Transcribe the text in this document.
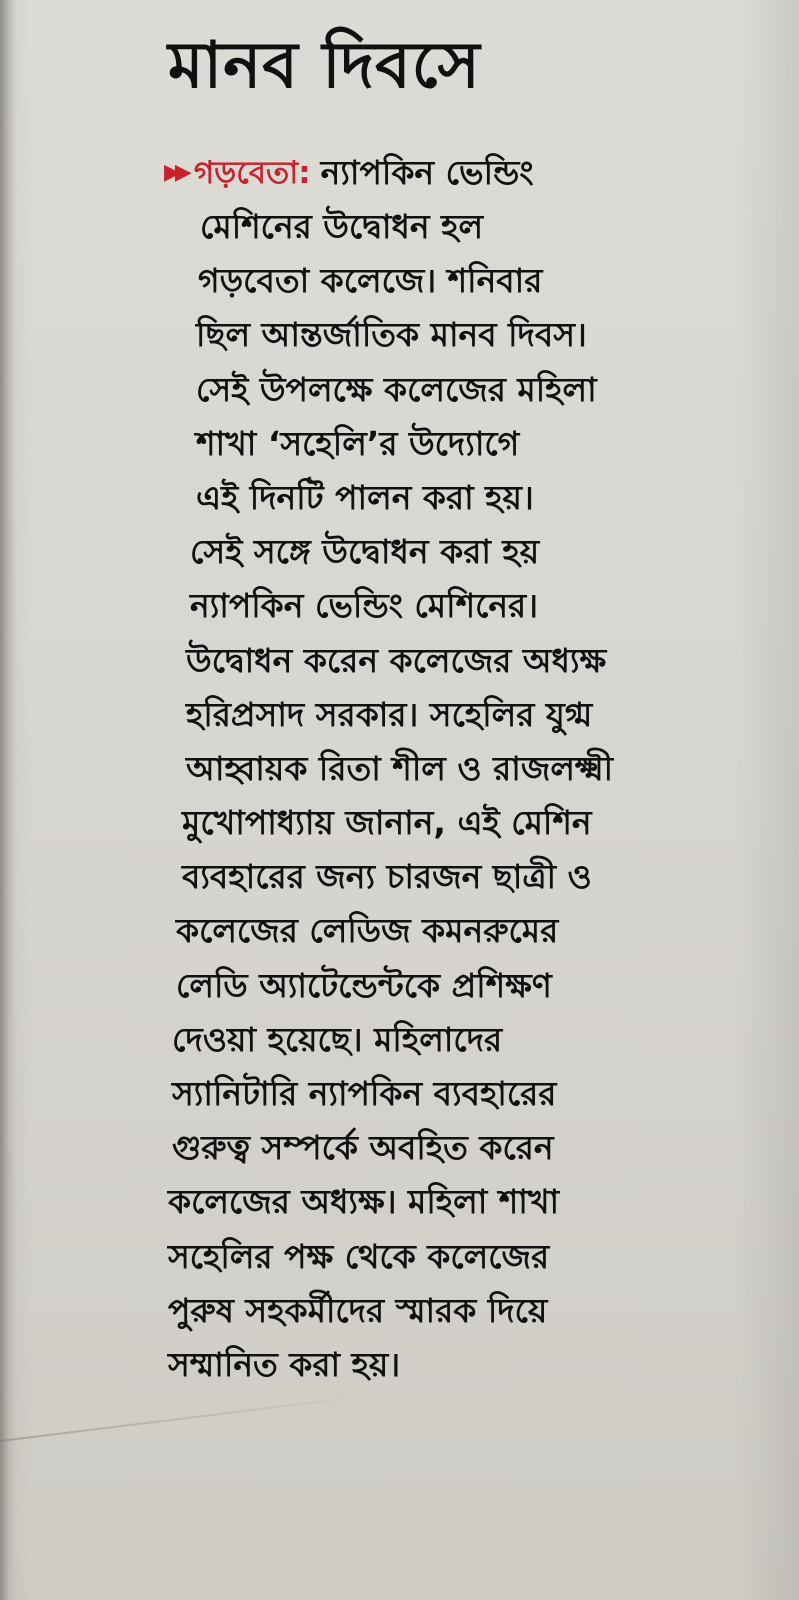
মানব দিবসে
▶▶ গড়বেতা: ন্যাপকিন ভেন্ডিং
মেশিনের উদ্বোধন হল
গড়বেতা কলেজে। শনিবার
ছিল আন্তর্জাতিক মানব দিবস।
সেই উপলক্ষে কলেজের মহিলা
শাখা ‘সহেলি’র উদ্যোগে
এই দিনটি পালন করা হয়।
সেই সঙ্গে উদ্বোধন করা হয়
ন্যাপকিন ভেন্ডিং মেশিনের।
উদ্বোধন করেন কলেজের অধ্যক্ষ
হরিপ্রসাদ সরকার। সহেলির যুগ্ম
আহ্বায়ক রিতা শীল ও রাজলক্ষ্মী
মুখোপাধ্যায় জানান, এই মেশিন
ব্যবহারের জন্য চারজন ছাত্রী ও
কলেজের লেডিজ কমনরুমের
লেডি অ্যাটেন্ডেন্টকে প্রশিক্ষণ
দেওয়া হয়েছে। মহিলাদের
স্যানিটারি ন্যাপকিন ব্যবহারের
গুরুত্ব সম্পর্কে অবহিত করেন
কলেজের অধ্যক্ষ। মহিলা শাখা
সহেলির পক্ষ থেকে কলেজের
পুরুষ সহকর্মীদের স্মারক দিয়ে
সম্মানিত করা হয়।
